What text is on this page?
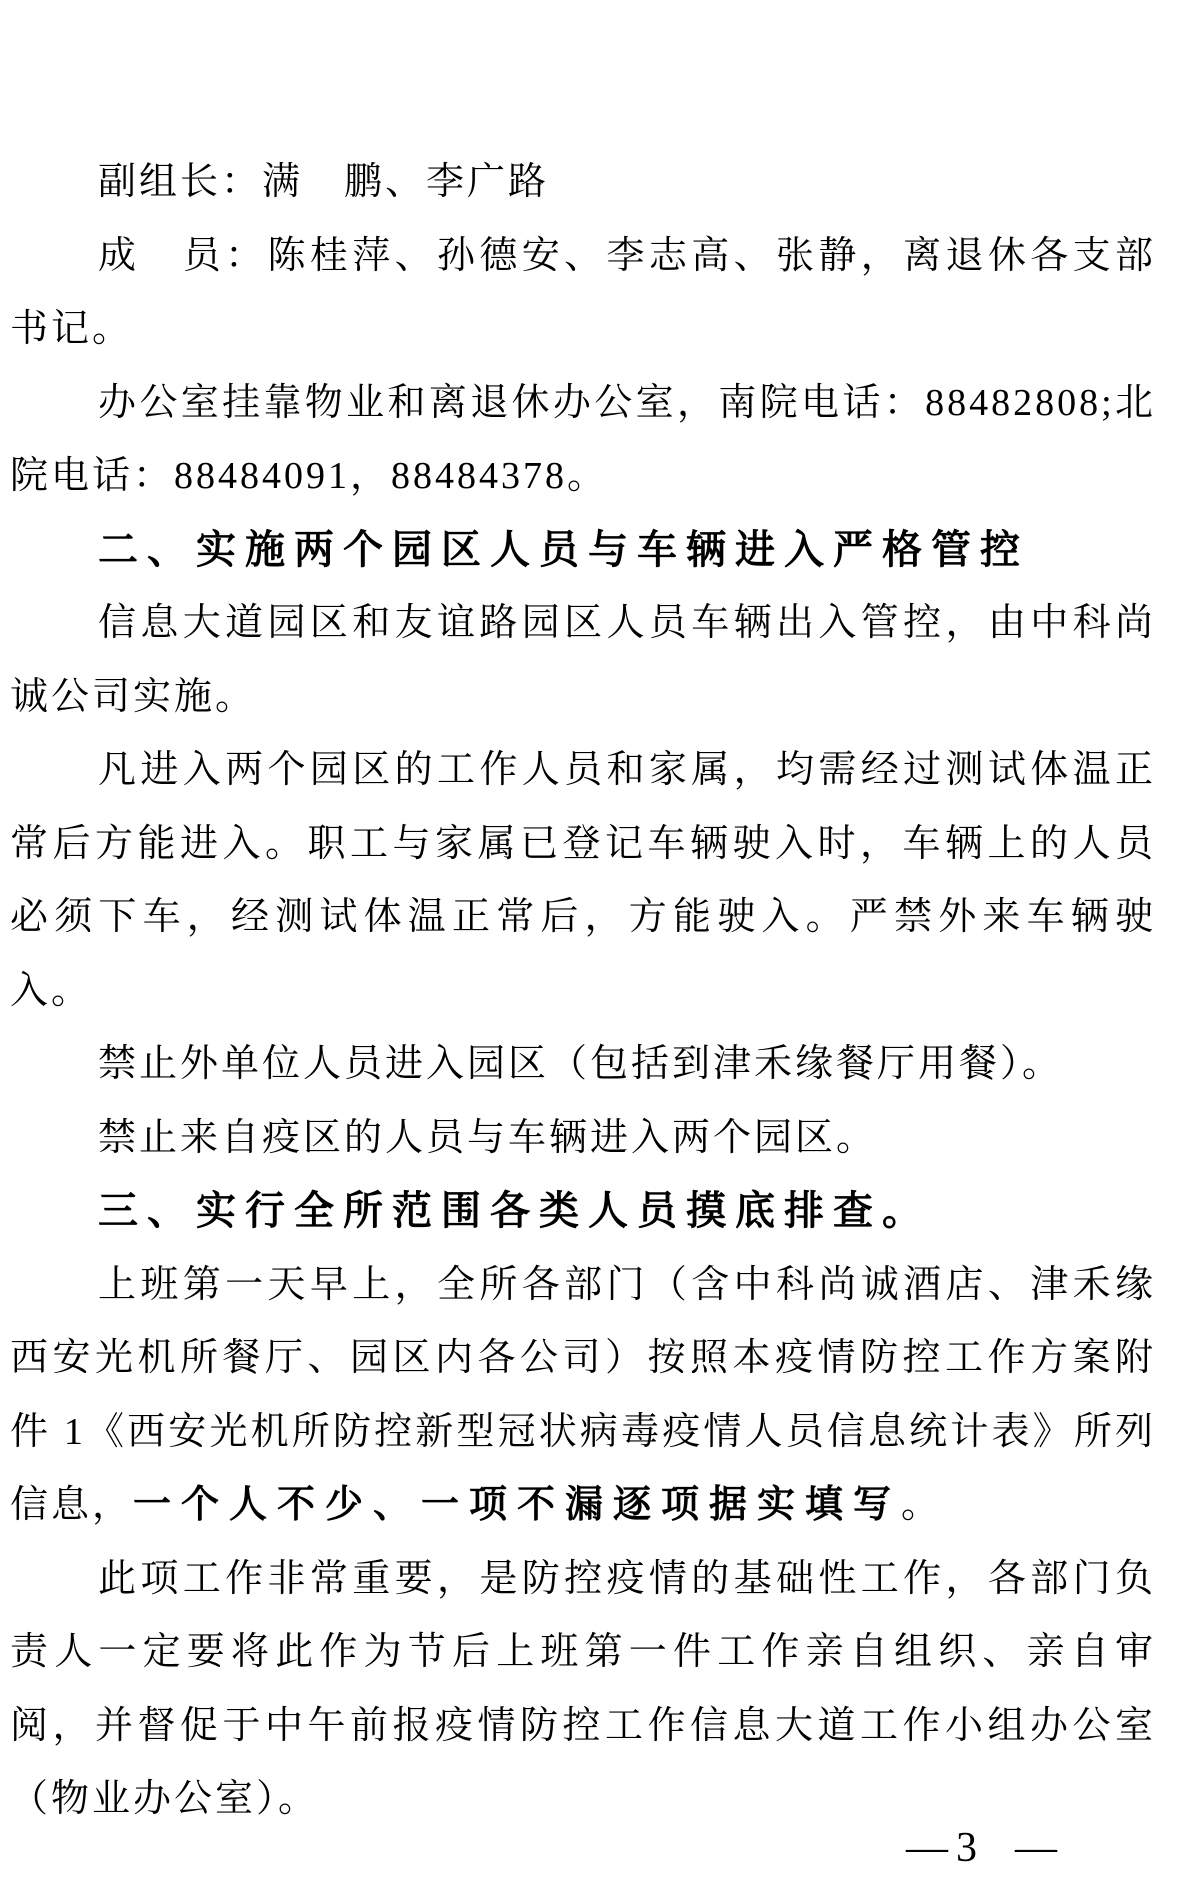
副组长：满　鹏、李广路

成　员：陈桂萍、孙德安、李志高、张静，离退休各支部书记。

办公室挂靠物业和离退休办公室，南院电话：88482808;北院电话：88484091，88484378。

二、实施两个园区人员与车辆进入严格管控

信息大道园区和友谊路园区人员车辆出入管控，由中科尚诚公司实施。

凡进入两个园区的工作人员和家属，均需经过测试体温正常后方能进入。职工与家属已登记车辆驶入时，车辆上的人员必须下车，经测试体温正常后，方能驶入。严禁外来车辆驶入。

禁止外单位人员进入园区（包括到津禾缘餐厅用餐）。

禁止来自疫区的人员与车辆进入两个园区。

三、实行全所范围各类人员摸底排查。

上班第一天早上，全所各部门（含中科尚诚酒店、津禾缘西安光机所餐厅、园区内各公司）按照本疫情防控工作方案附件 1《西安光机所防控新型冠状病毒疫情人员信息统计表》所列信息，一个人不少、一项不漏逐项据实填写。

此项工作非常重要，是防控疫情的基础性工作，各部门负责人一定要将此作为节后上班第一件工作亲自组织、亲自审阅，并督促于中午前报疫情防控工作信息大道工作小组办公室（物业办公室）。

— 3 —
